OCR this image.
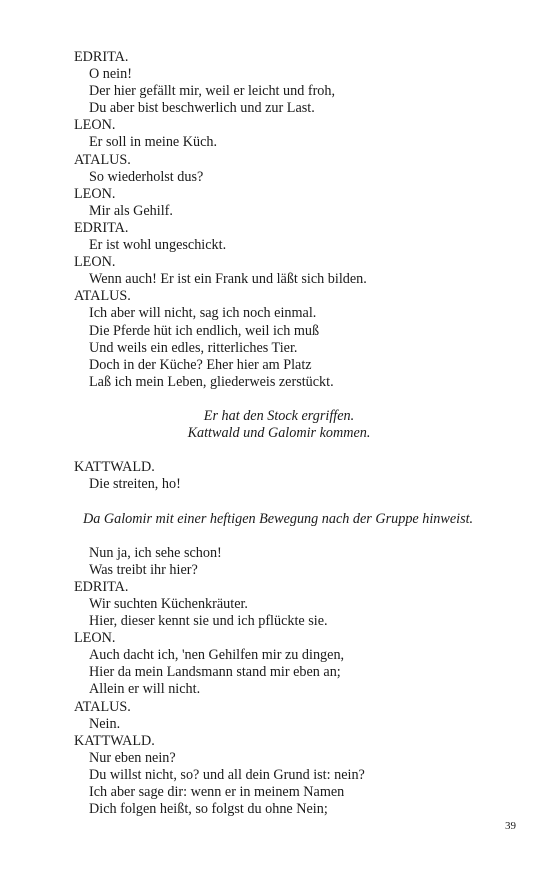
EDRITA.
O nein!
Der hier gefällt mir, weil er leicht und froh,
Du aber bist beschwerlich und zur Last.
LEON.
Er soll in meine Küch.
ATALUS.
So wiederholst dus?
LEON.
Mir als Gehilf.
EDRITA.
Er ist wohl ungeschickt.
LEON.
Wenn auch! Er ist ein Frank und läßt sich bilden.
ATALUS.
Ich aber will nicht, sag ich noch einmal.
Die Pferde hüt ich endlich, weil ich muß
Und weils ein edles, ritterliches Tier.
Doch in der Küche? Eher hier am Platz
Laß ich mein Leben, gliederweis zerstückt.
Er hat den Stock ergriffen.
Kattwald und Galomir kommen.
KATTWALD.
Die streiten, ho!
Da Galomir mit einer heftigen Bewegung nach der Gruppe hinweist.
Nun ja, ich sehe schon!
Was treibt ihr hier?
EDRITA.
Wir suchten Küchenkräuter.
Hier, dieser kennt sie und ich pflückte sie.
LEON.
Auch dacht ich, 'nen Gehilfen mir zu dingen,
Hier da mein Landsmann stand mir eben an;
Allein er will nicht.
ATALUS.
Nein.
KATTWALD.
Nur eben nein?
Du willst nicht, so? und all dein Grund ist: nein?
Ich aber sage dir: wenn er in meinem Namen
Dich folgen heißt, so folgst du ohne Nein;
39
